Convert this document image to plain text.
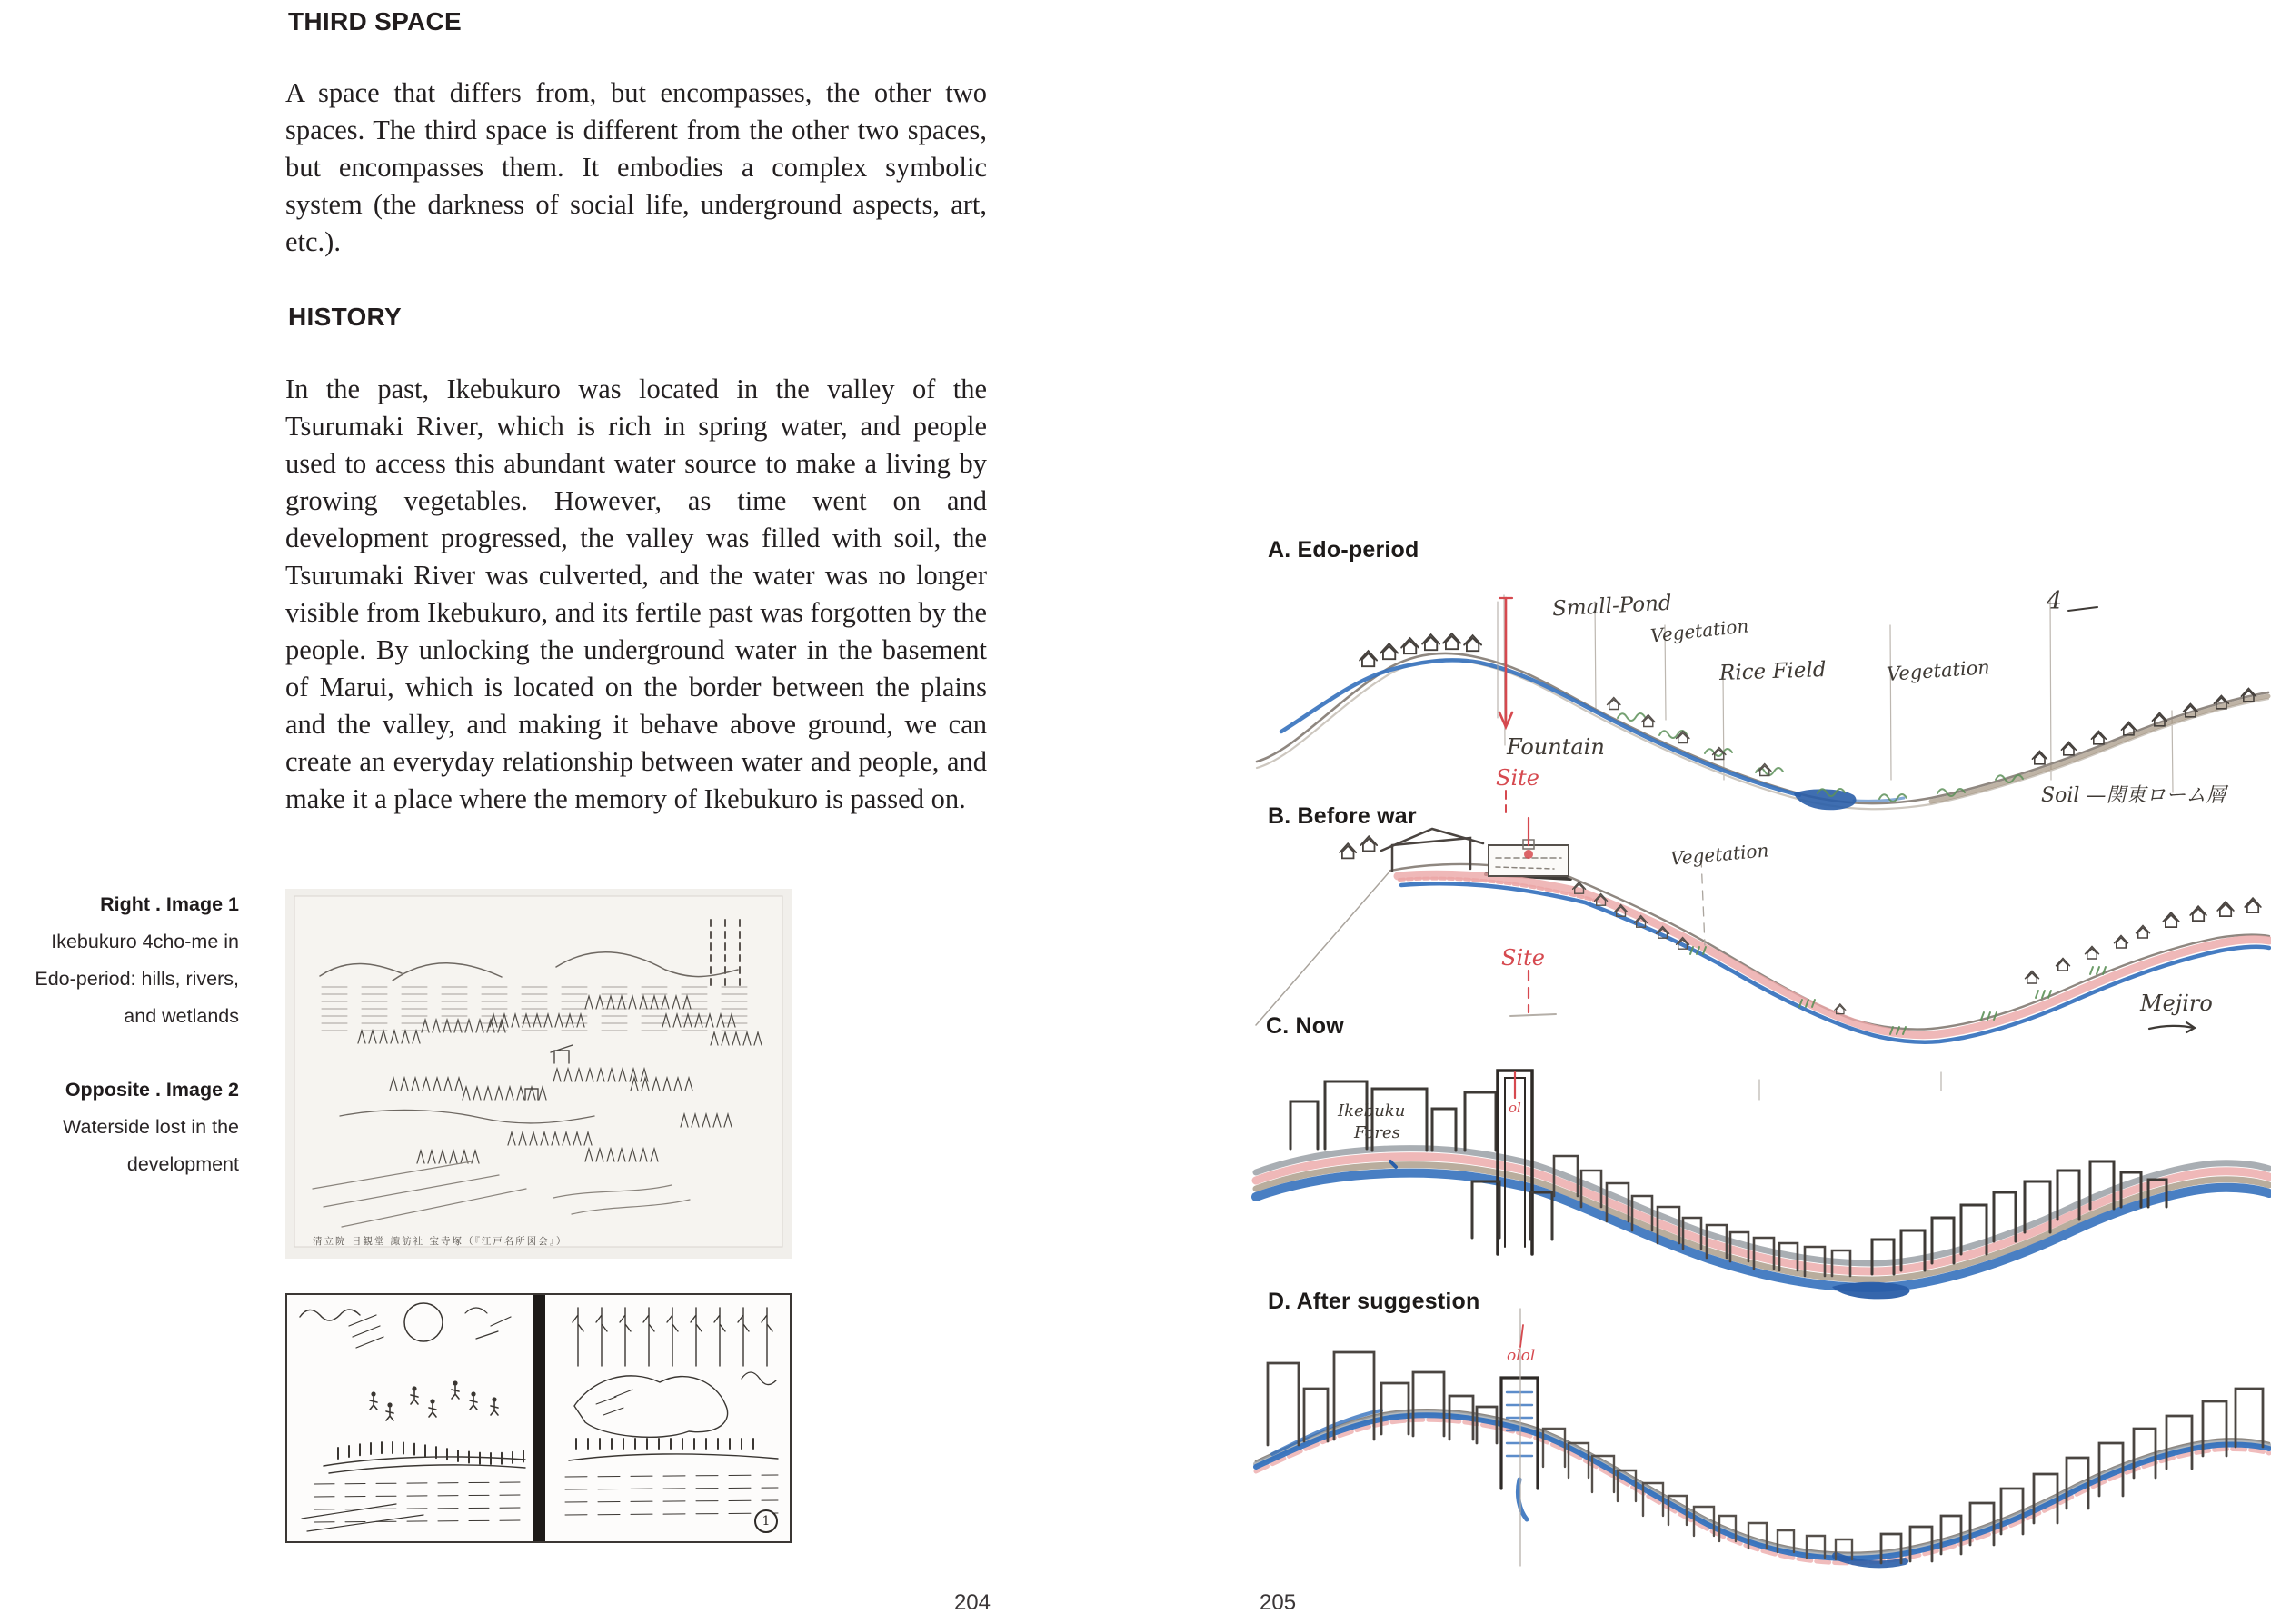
THIRD SPACE
A space that differs from, but encompasses, the other two spaces. The third space is different from the other two spaces, but encompasses them. It embodies a complex symbolic system (the darkness of social life, underground aspects, art, etc.).
HISTORY
In the past, Ikebukuro was located in the valley of the Tsurumaki River, which is rich in spring water, and people used to access this abundant water source to make a living by growing vegetables. However, as time went on and development progressed, the valley was filled with soil, the Tsurumaki River was culverted, and the water was no longer visible from Ikebukuro, and its fertile past was forgotten by the people. By unlocking the underground water in the basement of Marui, which is located on the border between the plains and the valley, and making it behave above ground, we can create an everyday relationship between water and people, and make it a place where the memory of Ikebukuro is passed on.
Right . Image 1
Ikebukuro 4cho-me in
Edo-period: hills, rivers,
and wetlands
Opposite . Image 2
Waterside lost in the
development
清立院 日観堂 諏訪社 宝寺塚（『江戸名所図会』）
1
204
A. Edo-period
Small-Pond
Vegetation
Rice Field	Vegetation
Fountain
Site
Soil —関東ローム層
4
B. Before war
Vegetation
Site
Mejiro
C. Now
Ikebuku
Fores
ol
D. After suggestion
olol
205
